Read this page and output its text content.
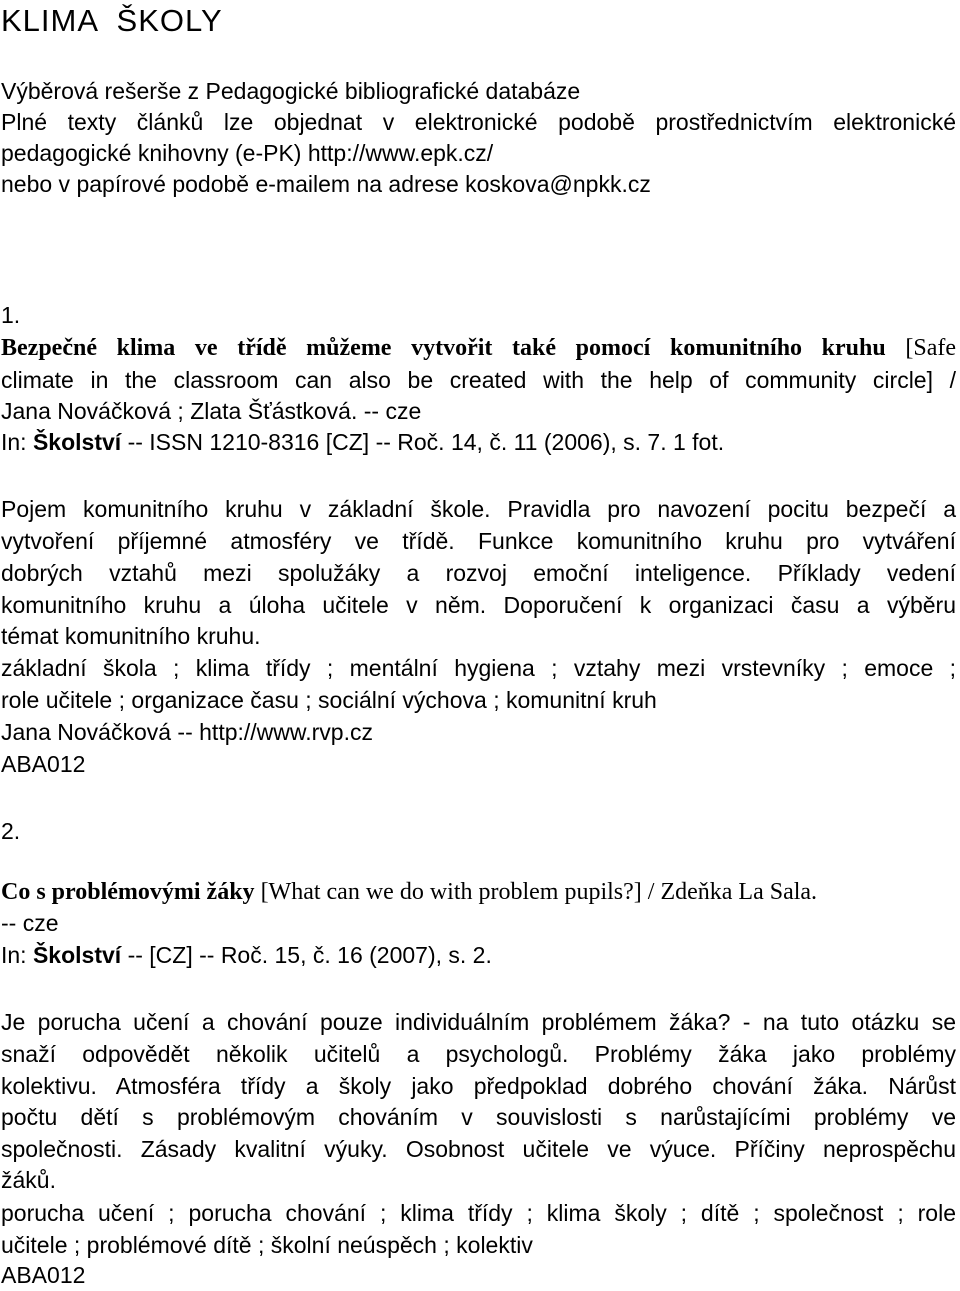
KLIMA  ŠKOLY
Výběrová rešerše z Pedagogické bibliografické databáze
Plné texty článků lze objednat v elektronické podobě prostřednictvím elektronické
pedagogické knihovny (e-PK) http://www.epk.cz/
nebo v papírové podobě e-mailem na adrese koskova@npkk.cz
1.
Bezpečné klima ve třídě můžeme vytvořit také pomocí komunitního kruhu [Safe
climate in the classroom can also be created with the help of community circle] /
Jana Nováčková ; Zlata Šťástková. -- cze
In: Školství -- ISSN 1210-8316 [CZ] -- Roč. 14, č. 11 (2006), s. 7. 1 fot.
Pojem komunitního kruhu v základní škole. Pravidla pro navození pocitu bezpečí a
vytvoření příjemné atmosféry ve třídě. Funkce komunitního kruhu pro vytváření
dobrých vztahů mezi spolužáky a rozvoj emoční inteligence. Příklady vedení
komunitního kruhu a úloha učitele v něm. Doporučení k organizaci času a výběru
témat komunitního kruhu.
základní škola ; klima třídy ; mentální hygiena ; vztahy mezi vrstevníky ; emoce ;
role učitele ; organizace času ; sociální výchova ; komunitní kruh
Jana Nováčková -- http://www.rvp.cz
ABA012
2.
Co s problémovými žáky [What can we do with problem pupils?] / Zdeňka La Sala.
-- cze
In: Školství -- [CZ] -- Roč. 15, č. 16 (2007), s. 2.
Je porucha učení a chování pouze individuálním problémem žáka? - na tuto otázku se
snaží odpovědět několik učitelů a psychologů. Problémy žáka jako problémy
kolektivu. Atmosféra třídy a školy jako předpoklad dobrého chování žáka. Nárůst
počtu dětí s problémovým chováním v souvislosti s narůstajícími problémy ve
společnosti. Zásady kvalitní výuky. Osobnost učitele ve výuce. Příčiny neprospěchu
žáků.
porucha učení ; porucha chování ; klima třídy ; klima školy ; dítě ; společnost ; role
učitele ; problémové dítě ; školní neúspěch ; kolektiv
ABA012
